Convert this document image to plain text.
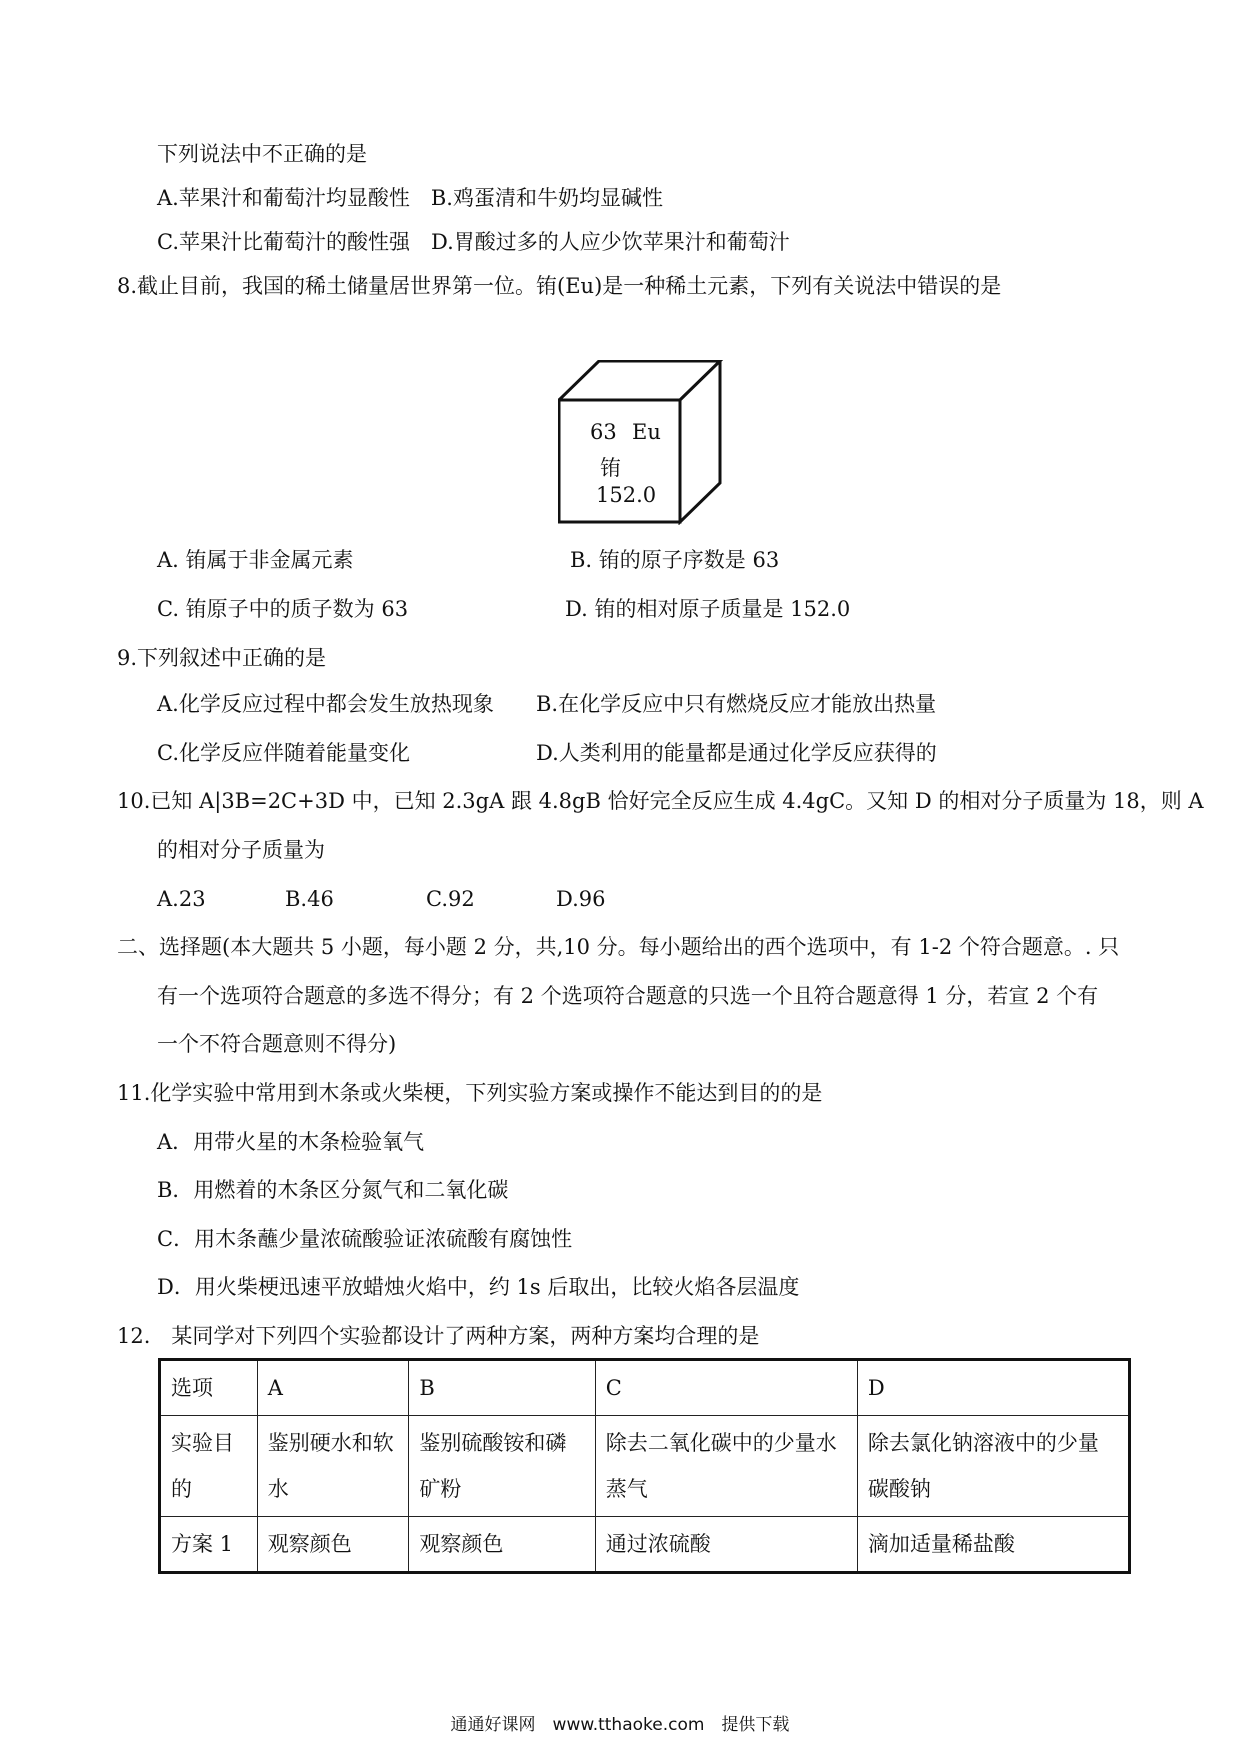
下列说法中不正确的是
A.苹果汁和葡萄汁均显酸性　B.鸡蛋清和牛奶均显碱性
C.苹果汁比葡萄汁的酸性强　D.胃酸过多的人应少饮苹果汁和葡萄汁
8.截止目前，我国的稀土储量居世界第一位。铕(Eu)是一种稀土元素，下列有关说法中错误的是
63 Eu
铕
152.0
A. 铕属于非金属元素	B. 铕的原子序数是 63
C. 铕原子中的质子数为 63	D. 铕的相对原子质量是 152.0
9.下列叙述中正确的是
A.化学反应过程中都会发生放热现象 B.在化学反应中只有燃烧反应才能放出热量
C.化学反应伴随着能量变化	D.人类利用的能量都是通过化学反应获得的
10.已知 A|3B=2C+3D 中，已知 2.3gA 跟 4.8gB 恰好完全反应生成 4.4gC。又知 D 的相对分子质量为 18，则 A
的相对分子质量为
A.23	B.46	C.92	D.96
二、选择题(本大题共 5 小题，每小题 2 分，共,10 分。每小题给出的西个选项中，有 1-2 个符合题意。. 只
有一个选项符合题意的多选不得分；有 2 个选项符合题意的只选一个且符合题意得 1 分，若宣 2 个有
一个不符合题意则不得分)
11.化学实验中常用到木条或火柴梗，下列实验方案或操作不能达到目的的是
A．用带火星的木条检验氧气
B．用燃着的木条区分氮气和二氧化碳
C．用木条蘸少量浓硫酸验证浓硫酸有腐蚀性
D．用火柴梗迅速平放蜡烛火焰中，约 1s 后取出，比较火焰各层温度
12.　某同学对下列四个实验都设计了两种方案，两种方案均合理的是
选项	A	B	C	D
实验目的	鉴别硬水和软水	鉴别硫酸铵和磷矿粉	除去二氧化碳中的少量水蒸气	除去氯化钠溶液中的少量碳酸钠
方案 1	观察颜色	观察颜色	通过浓硫酸	滴加适量稀盐酸
通通好课网　www.tthaoke.com　提供下载
